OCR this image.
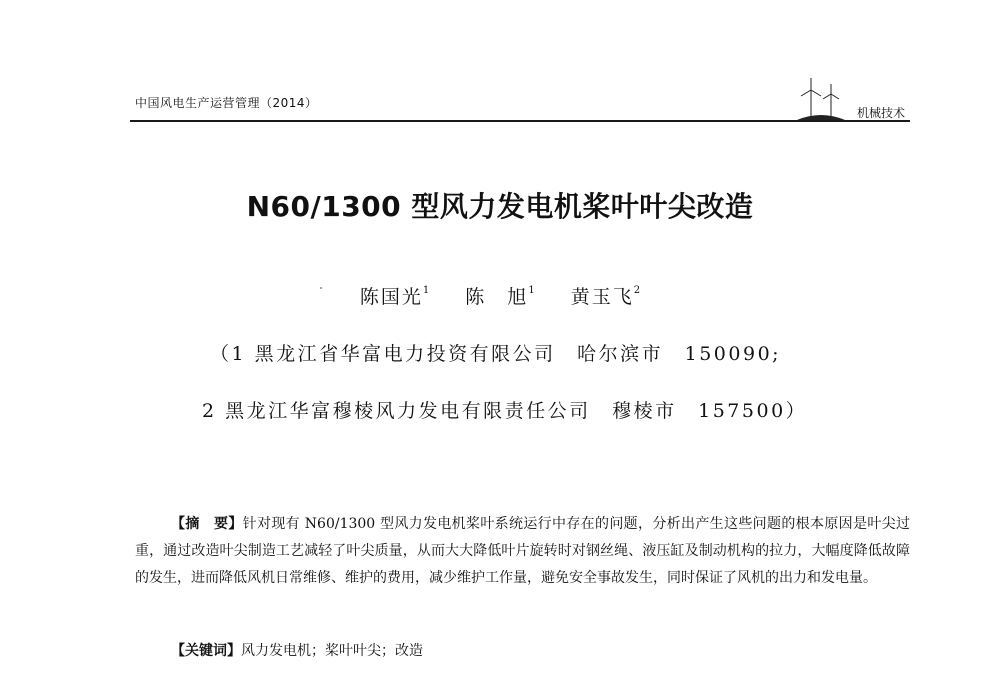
中国风电生产运营管理（2014）
机械技术
N60/1300 型风力发电机桨叶叶尖改造
陈国光$^1$ 陈　旭$^1$ 黄玉飞$^2$
（1 黑龙江省华富电力投资有限公司　哈尔滨市　150090;
2 黑龙江华富穆棱风力发电有限责任公司　穆棱市　157500）
【摘　要】针对现有 N60/1300 型风力发电机桨叶系统运行中存在的问题，分析出产生这些问题的根本原因是叶尖过重，通过改造叶尖制造工艺减轻了叶尖质量，从而大大降低叶片旋转时对钢丝绳、液压缸及制动机构的拉力，大幅度降低故障的发生，进而降低风机日常维修、维护的费用，减少维护工作量，避免安全事故发生，同时保证了风机的出力和发电量。
【关键词】风力发电机；桨叶叶尖；改造
